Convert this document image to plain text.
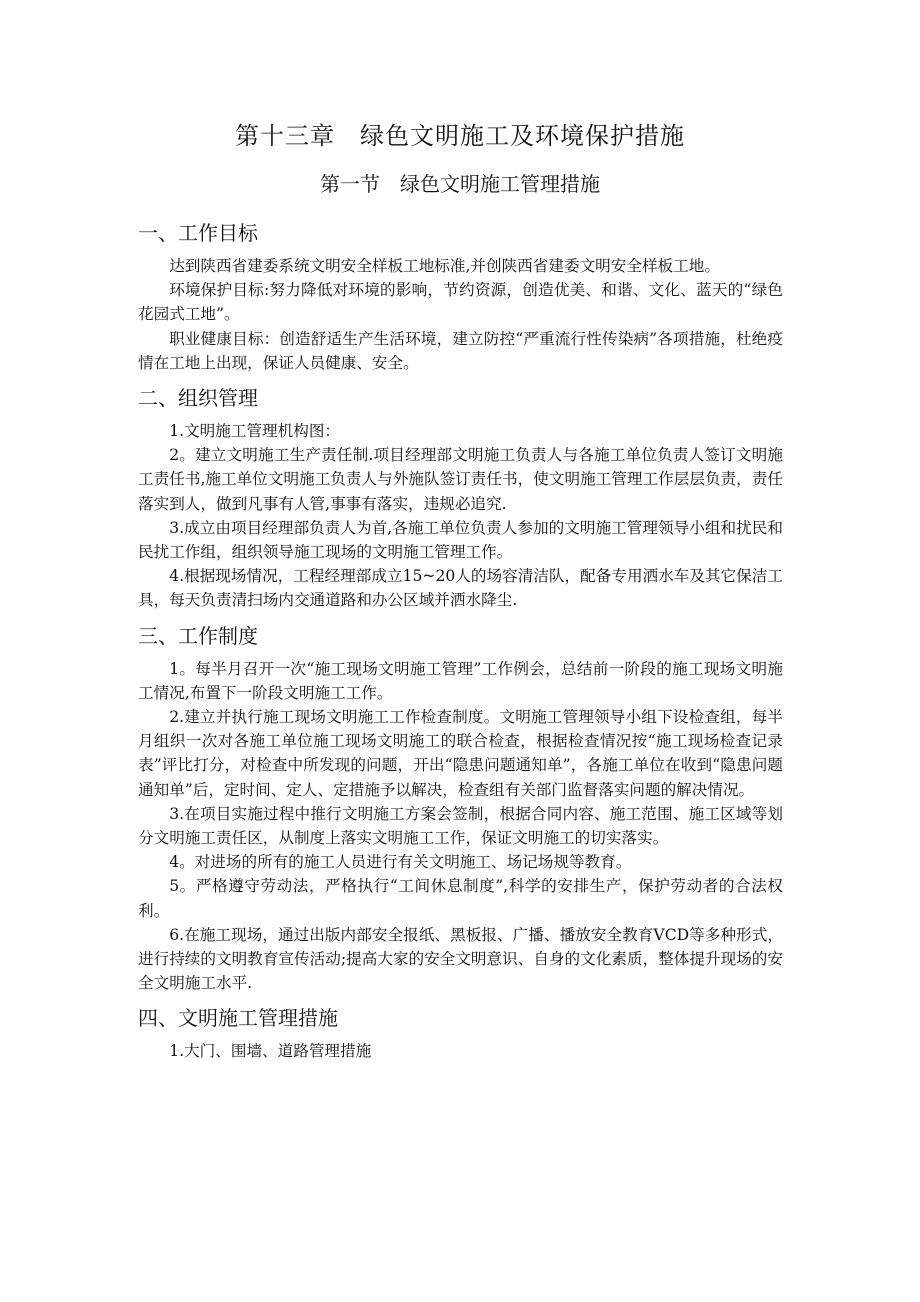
第十三章　绿色文明施工及环境保护措施
第一节　绿色文明施工管理措施
一、工作目标

达到陕西省建委系统文明安全样板工地标准,并创陕西省建委文明安全样板工地。

环境保护目标:努力降低对环境的影响，节约资源，创造优美、和谐、文化、蓝天的“绿色花园式工地”。

职业健康目标：创造舒适生产生活环境，建立防控“严重流行性传染病”各项措施，杜绝疫情在工地上出现，保证人员健康、安全。

二、组织管理

1.文明施工管理机构图：

2。建立文明施工生产责任制.项目经理部文明施工负责人与各施工单位负责人签订文明施工责任书,施工单位文明施工负责人与外施队签订责任书，使文明施工管理工作层层负责，责任落实到人，做到凡事有人管,事事有落实，违规必追究.

3.成立由项目经理部负责人为首,各施工单位负责人参加的文明施工管理领导小组和扰民和民扰工作组，组织领导施工现场的文明施工管理工作。

4.根据现场情况，工程经理部成立15~20人的场容清洁队，配备专用洒水车及其它保洁工具，每天负责清扫场内交通道路和办公区域并洒水降尘.

三、工作制度

1。每半月召开一次“施工现场文明施工管理”工作例会，总结前一阶段的施工现场文明施工情况,布置下一阶段文明施工工作。

2.建立并执行施工现场文明施工工作检查制度。文明施工管理领导小组下设检查组，每半月组织一次对各施工单位施工现场文明施工的联合检查，根据检查情况按“施工现场检查记录表”评比打分，对检查中所发现的问题，开出“隐患问题通知单”，各施工单位在收到“隐患问题通知单”后，定时间、定人、定措施予以解决，检查组有关部门监督落实问题的解决情况。

3.在项目实施过程中推行文明施工方案会签制，根据合同内容、施工范围、施工区域等划分文明施工责任区，从制度上落实文明施工工作，保证文明施工的切实落实。

4。对进场的所有的施工人员进行有关文明施工、场记场规等教育。

5。严格遵守劳动法，严格执行“工间休息制度”,科学的安排生产，保护劳动者的合法权利。

6.在施工现场，通过出版内部安全报纸、黑板报、广播、播放安全教育VCD等多种形式，进行持续的文明教育宣传活动;提高大家的安全文明意识、自身的文化素质，整体提升现场的安全文明施工水平.

四、文明施工管理措施

1.大门、围墙、道路管理措施
